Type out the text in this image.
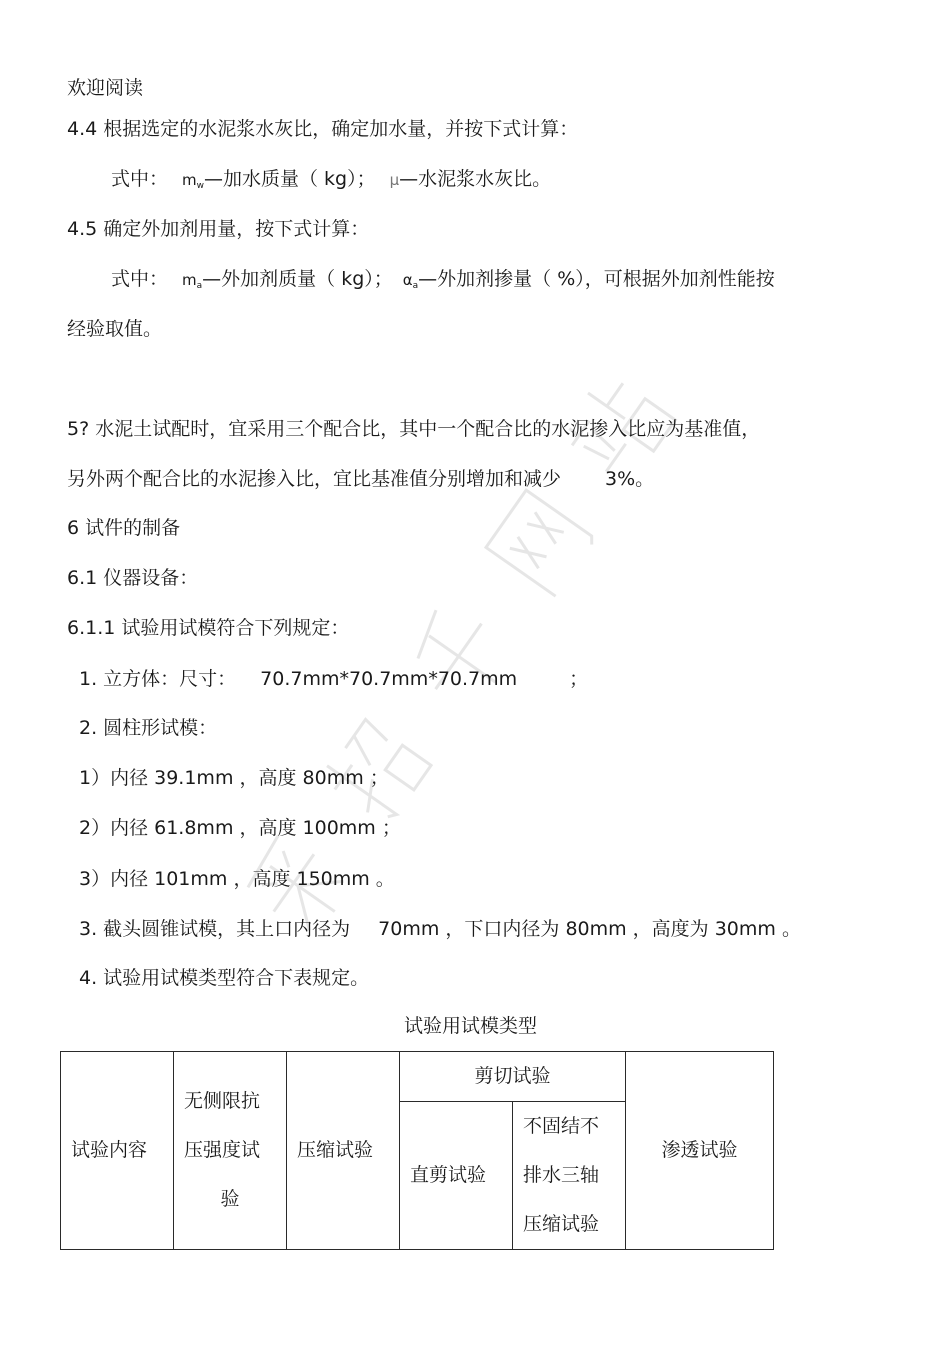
欢迎阅读
4.4 根据选定的水泥浆水灰比，确定加水量，并按下式计算：
式中： $m_w—$加水质量（ kg）； μ—水泥浆水灰比。
4.5 确定外加剂用量，按下式计算：
式中： $m_a—$外加剂质量（ kg）； $\alpha_a—$外加剂掺量（ %），可根据外加剂性能按
经验取值。
5? 水泥土试配时，宜采用三个配合比，其中一个配合比的水泥掺入比应为基准值，
另外两个配合比的水泥掺入比，宜比基准值分别增加和减少 3%。
6 试件的制备
6.1 仪器设备：
6.1.1 试验用试模符合下列规定：
1. 立方体：尺寸： 70.7mm*70.7mm*70.7mm	；
2. 圆柱形试模：
1）内径 39.1mm ，高度 80mm ；
2）内径 61.8mm ，高度 100mm ；
3）内径 101mm ，高度 150mm 。
3. 截头圆锥试模，其上口内径为 70mm ，下口内径为 80mm ，高度为 30mm 。
4. 试验用试模类型符合下表规定。
试验用试模类型
试验内容	无侧限抗
压强度试
验	压缩试验	剪切试验		渗透试验
			直剪试验	不固结不
排水三轴
压缩试验	
